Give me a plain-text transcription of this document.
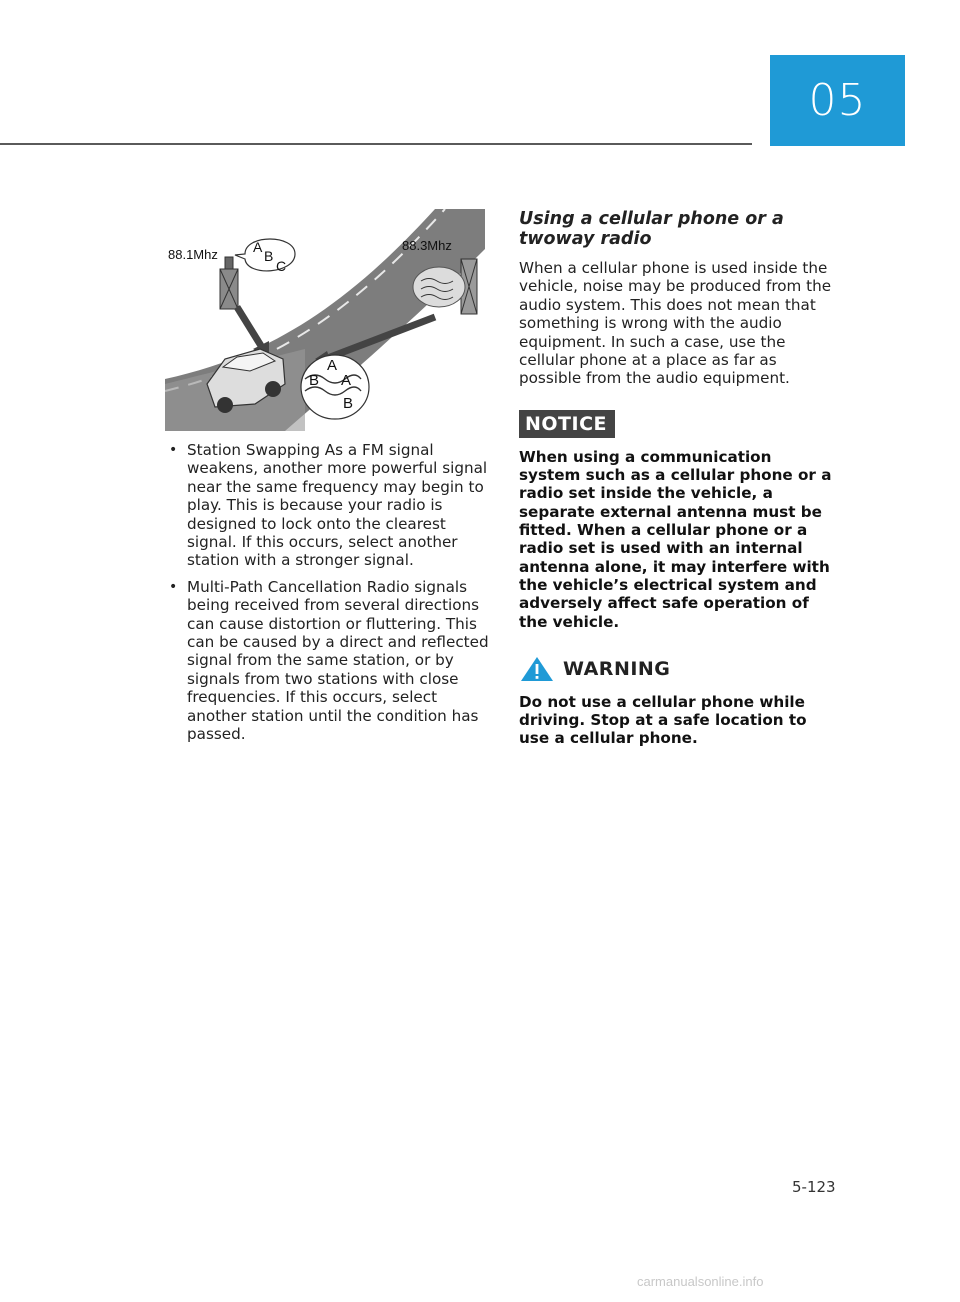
05
88.1Mhz
88.3Mhz
A
B
C
A
B A
B
OJF045311L
• Station Swapping As a FM signal weakens, another more powerful signal near the same frequency may begin to play. This is because your radio is designed to lock onto the clearest signal. If this occurs, select another station with a stronger signal.
• Multi-Path Cancellation Radio signals being received from several directions can cause distortion or fluttering. This can be caused by a direct and reflected signal from the same station, or by signals from two stations with close frequencies. If this occurs, select another station until the condition has passed.
Using a cellular phone or a twoway radio

When a cellular phone is used inside the vehicle, noise may be produced from the audio system. This does not mean that something is wrong with the audio equipment. In such a case, use the cellular phone at a place as far as possible from the audio equipment.

NOTICE

When using a communication system such as a cellular phone or a radio set inside the vehicle, a separate external antenna must be fitted. When a cellular phone or a radio set is used with an internal antenna alone, it may interfere with the vehicle’s electrical system and adversely affect safe operation of the vehicle.

WARNING

Do not use a cellular phone while driving. Stop at a safe location to use a cellular phone.

5-123
carmanualsonline.info
